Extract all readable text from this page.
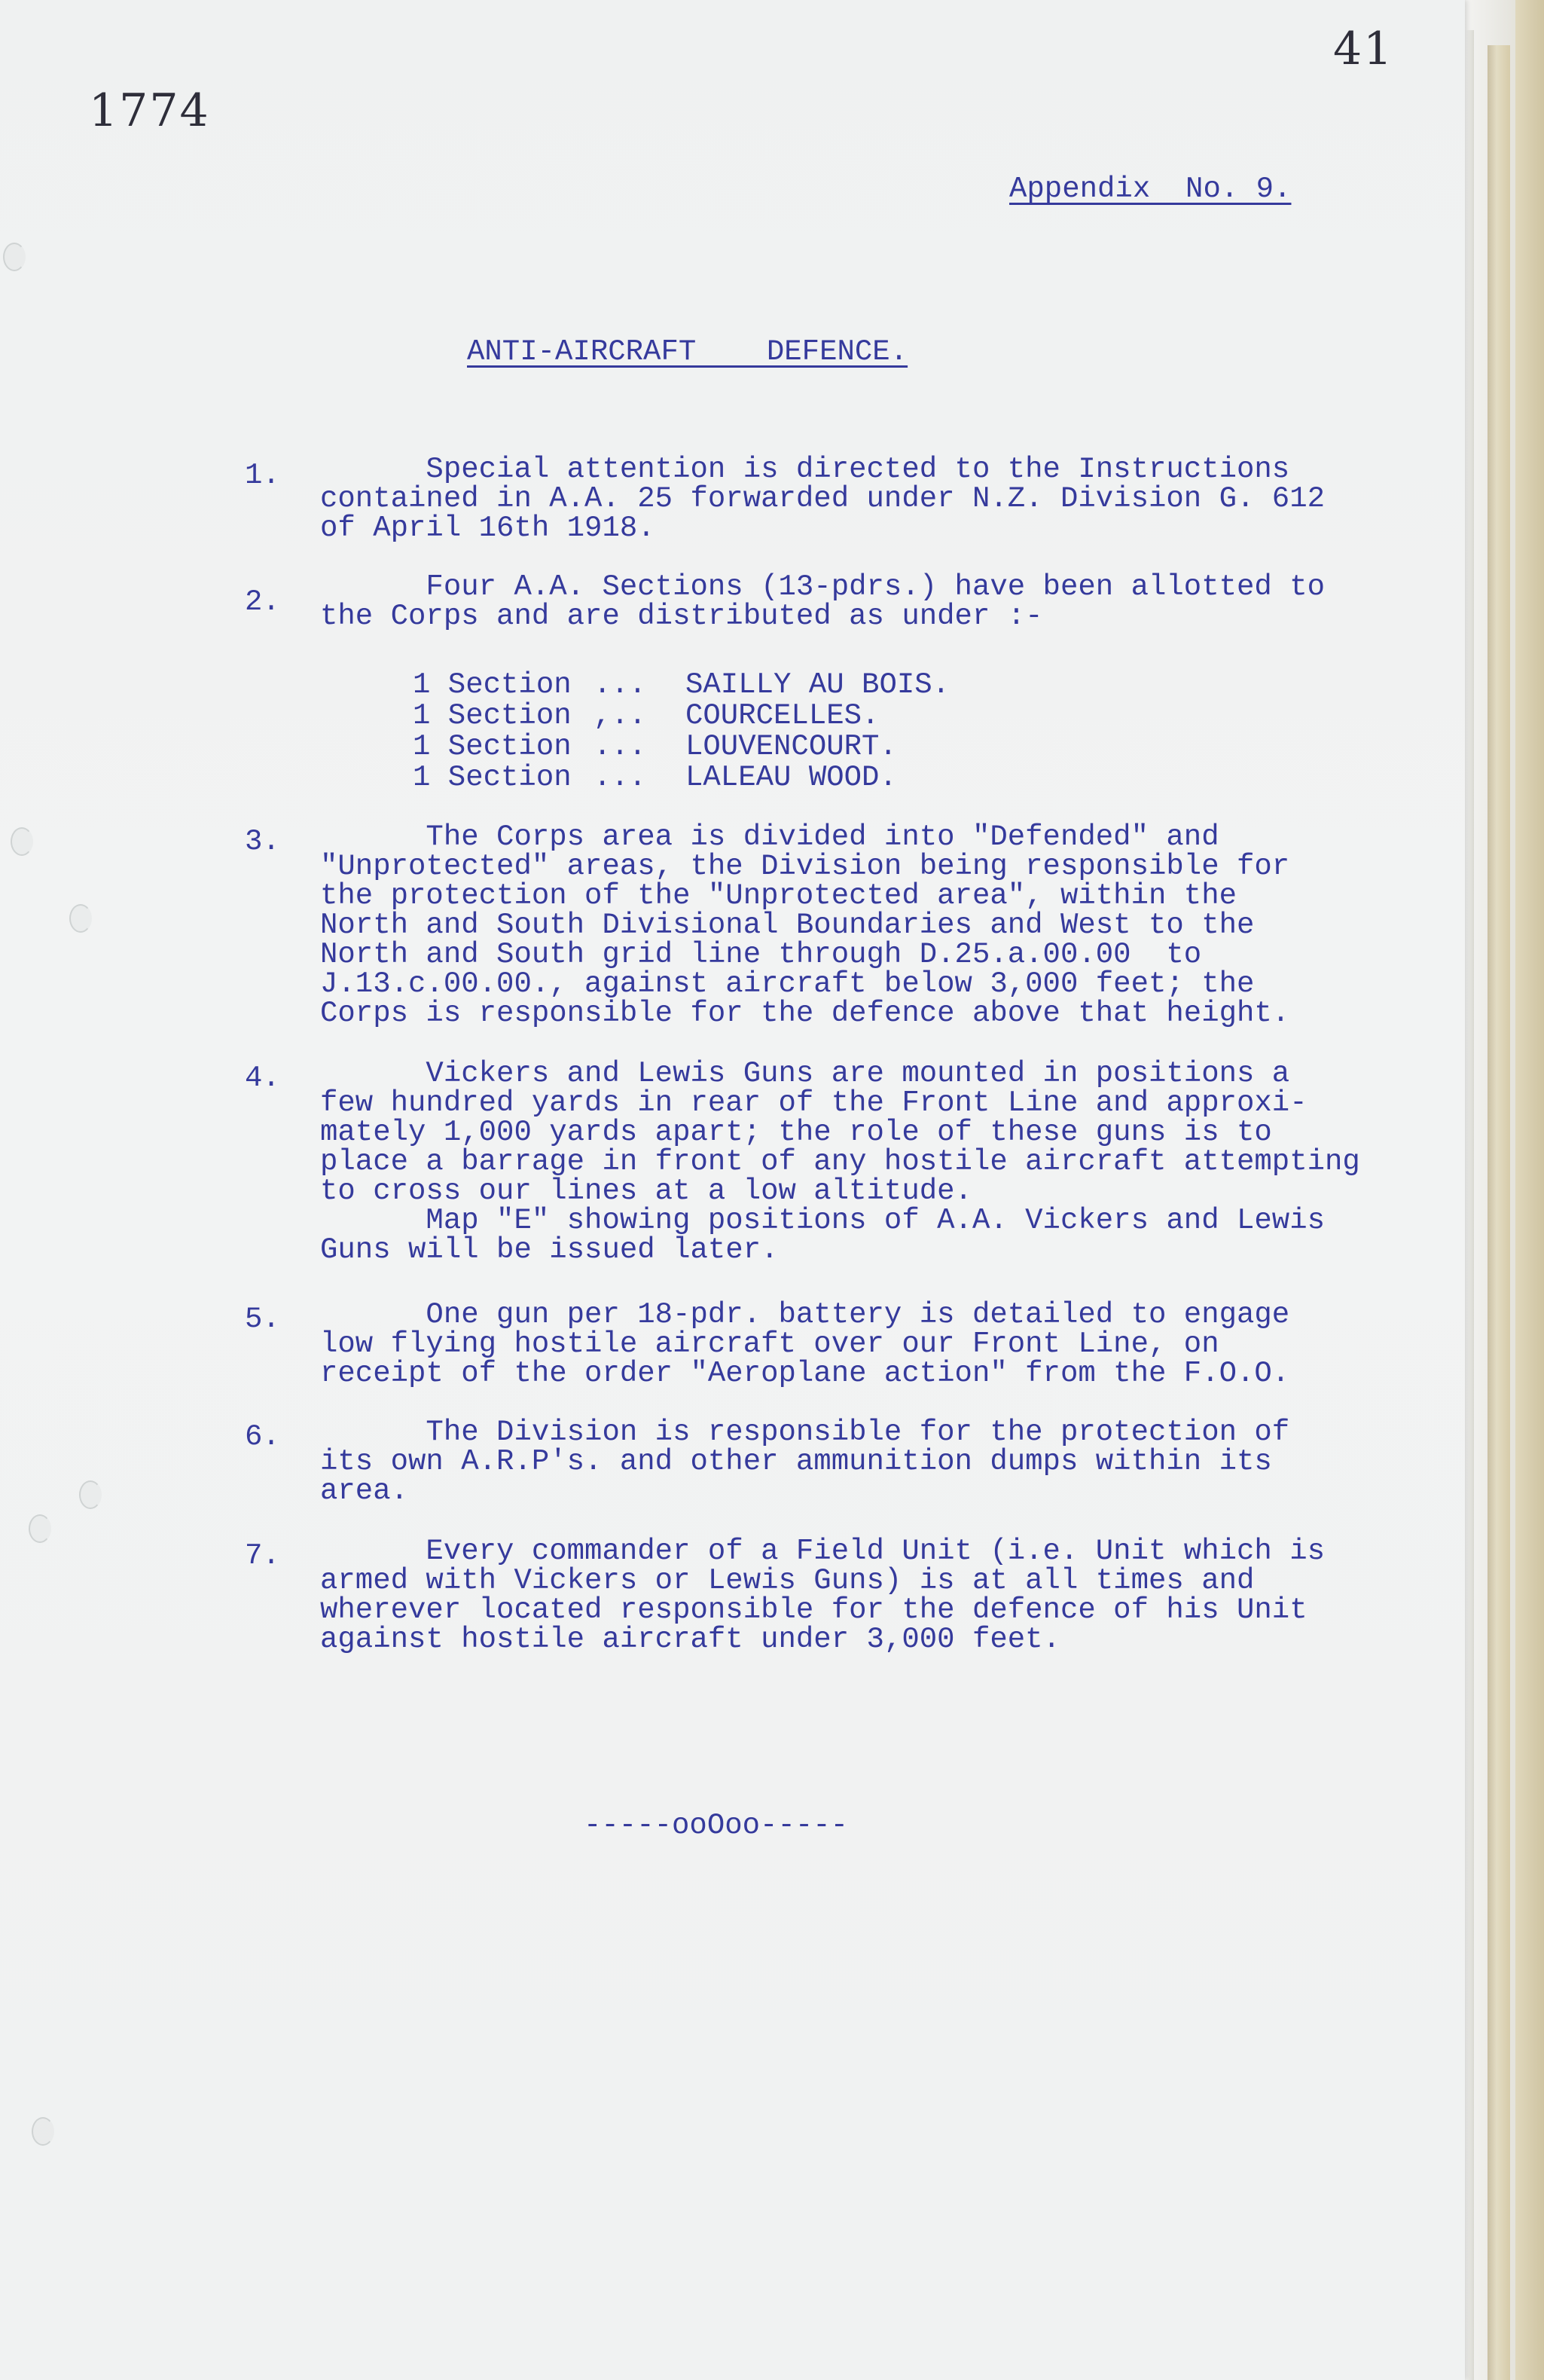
1774
41
Appendix  No. 9.
ANTI-AIRCRAFT    DEFENCE.
1. Special attention is directed to the Instructions
contained in A.A. 25 forwarded under N.Z. Division G. 612
of April 16th 1918.
2. Four A.A. Sections (13-pdrs.) have been allotted to
the Corps and are distributed as under :-
1 Section ... SAILLY AU BOIS.
1 Section ,.. COURCELLES.
1 Section ... LOUVENCOURT.
1 Section ... LALEAU WOOD.
3. The Corps area is divided into "Defended" and
"Unprotected" areas, the Division being responsible for
the protection of the "Unprotected area", within the
North and South Divisional Boundaries and West to the
North and South grid line through D.25.a.00.00  to
J.13.c.00.00., against aircraft below 3,000 feet; the
Corps is responsible for the defence above that height.
4. Vickers and Lewis Guns are mounted in positions a
few hundred yards in rear of the Front Line and approxi-
mately 1,000 yards apart; the role of these guns is to
place a barrage in front of any hostile aircraft attempting
to cross our lines at a low altitude.
Map "E" showing positions of A.A. Vickers and Lewis
Guns will be issued later.
5. One gun per 18-pdr. battery is detailed to engage
low flying hostile aircraft over our Front Line, on
receipt of the order "Aeroplane action" from the F.O.O.
6. The Division is responsible for the protection of
its own A.R.P's. and other ammunition dumps within its
area.
7. Every commander of a Field Unit (i.e. Unit which is
armed with Vickers or Lewis Guns) is at all times and
wherever located responsible for the defence of his Unit
against hostile aircraft under 3,000 feet.
-----ooOoo-----
